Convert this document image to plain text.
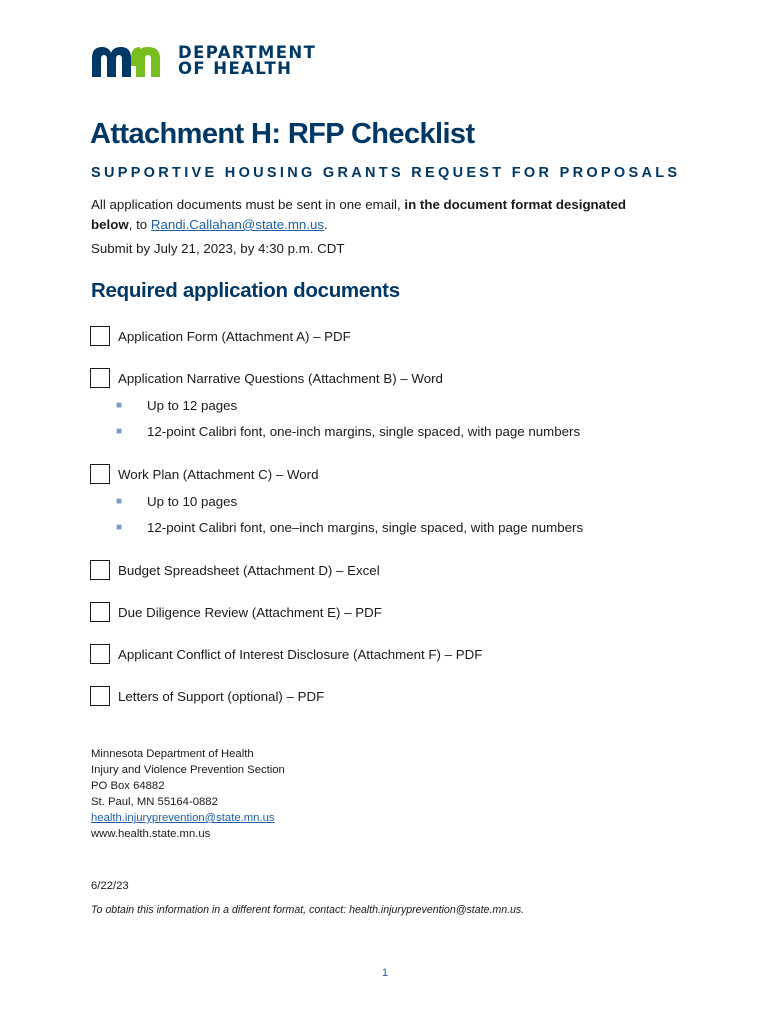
DEPARTMENT
OF HEALTH
Attachment H: RFP Checklist

SUPPORTIVE HOUSING GRANTS REQUEST FOR PROPOSALS

All application documents must be sent in one email, in the document format designated below, to Randi.Callahan@state.mn.us.

Submit by July 21, 2023, by 4:30 p.m. CDT

Required application documents
Application Form (Attachment A) – PDF
Application Narrative Questions (Attachment B) – Word
■	Up to 12 pages
■	12-point Calibri font, one-inch margins, single spaced, with page numbers
Work Plan (Attachment C) – Word
■	Up to 10 pages
■	12-point Calibri font, one–inch margins, single spaced, with page numbers
Budget Spreadsheet (Attachment D) – Excel
Due Diligence Review (Attachment E) – PDF
Applicant Conflict of Interest Disclosure (Attachment F) – PDF
Letters of Support (optional) – PDF
Minnesota Department of Health
Injury and Violence Prevention Section
PO Box 64882
St. Paul, MN 55164-0882
health.injuryprevention@state.mn.us
www.health.state.mn.us

6/22/23

To obtain this information in a different format, contact: health.injuryprevention@state.mn.us.

1
